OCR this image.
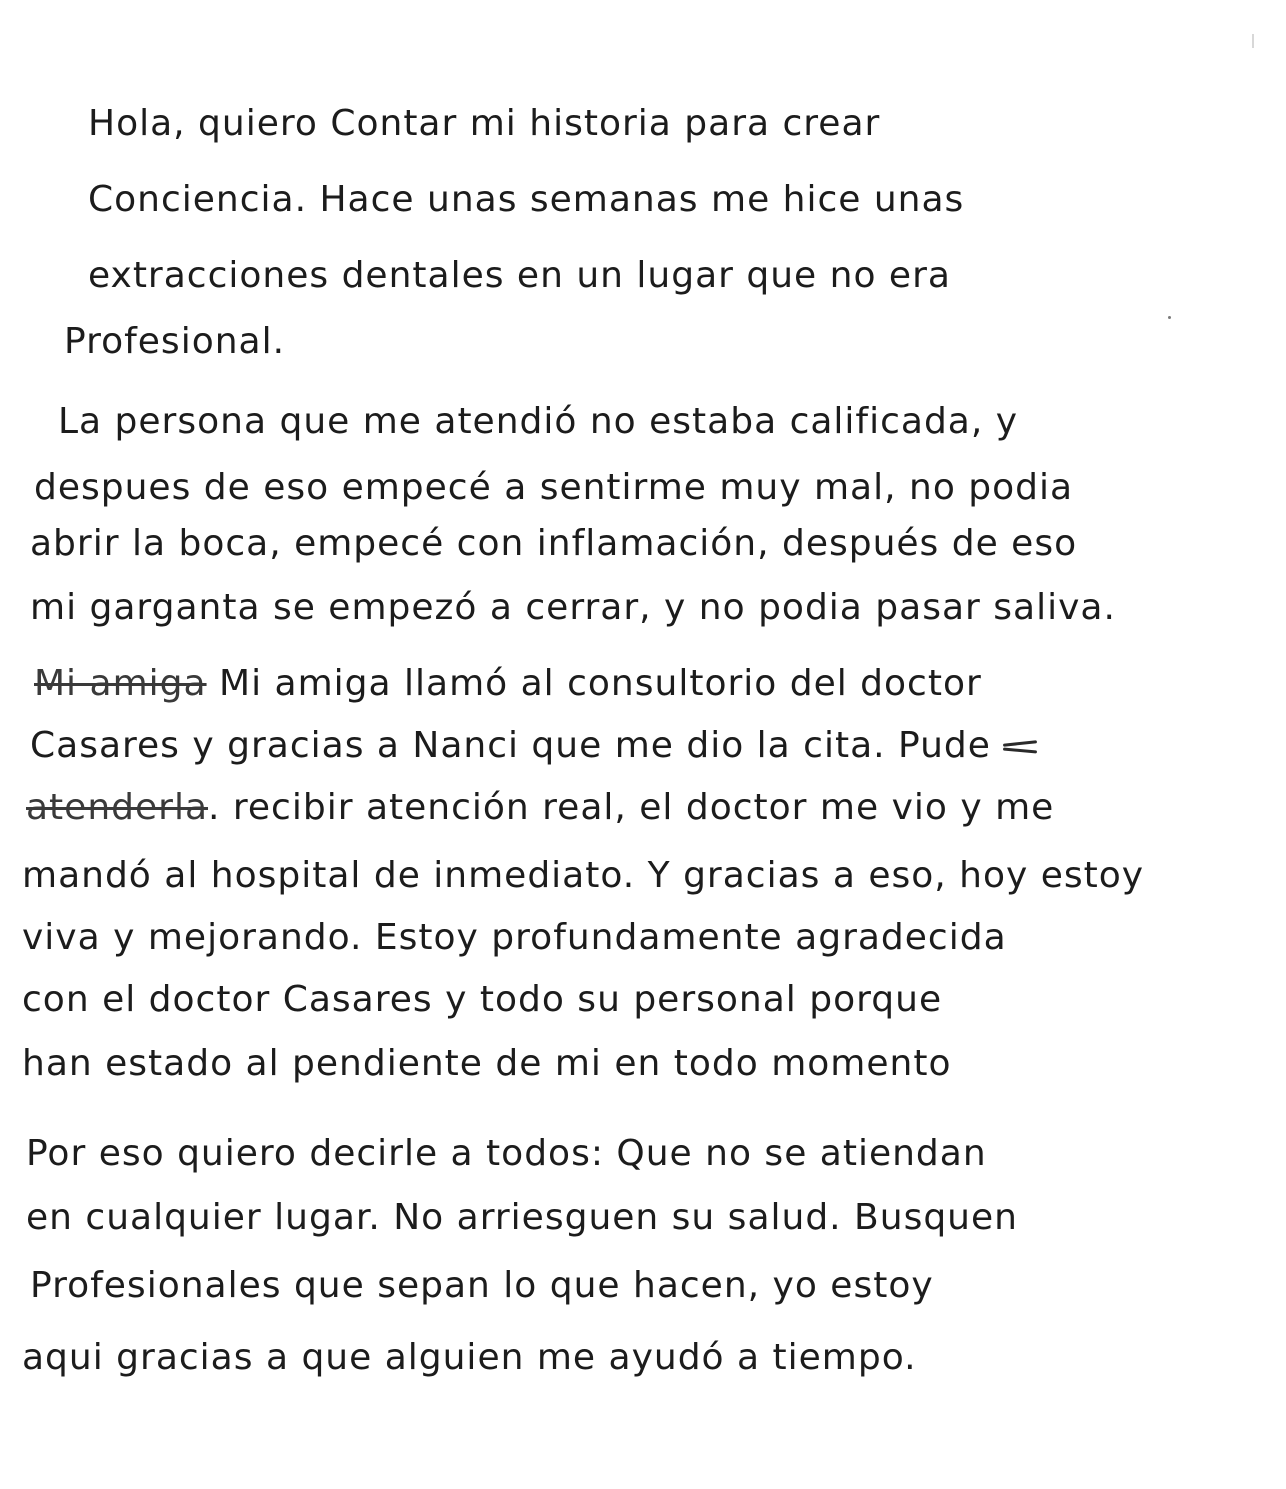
Hola, quiero Contar mi historia para crear
Conciencia. Hace unas semanas me hice unas
extracciones dentales en un lugar que no era
Profesional.
La persona que me atendió no estaba calificada, y
despues de eso empecé a sentirme muy mal, no podia
abrir la boca, empecé con inflamación, después de eso
mi garganta se empezó a cerrar, y no podia pasar saliva.
Mi amiga Mi amiga llamó al consultorio del doctor
Casares y gracias a Nanci que me dio la cita. Pude
atenderla. recibir atención real, el doctor me vio y me
mandó al hospital de inmediato. Y gracias a eso, hoy estoy
viva y mejorando. Estoy profundamente agradecida
con el doctor Casares y todo su personal porque
han estado al pendiente de mi en todo momento
Por eso quiero decirle a todos: Que no se atiendan
en cualquier lugar. No arriesguen su salud. Busquen
Profesionales que sepan lo que hacen, yo estoy
aqui gracias a que alguien me ayudó a tiempo.
